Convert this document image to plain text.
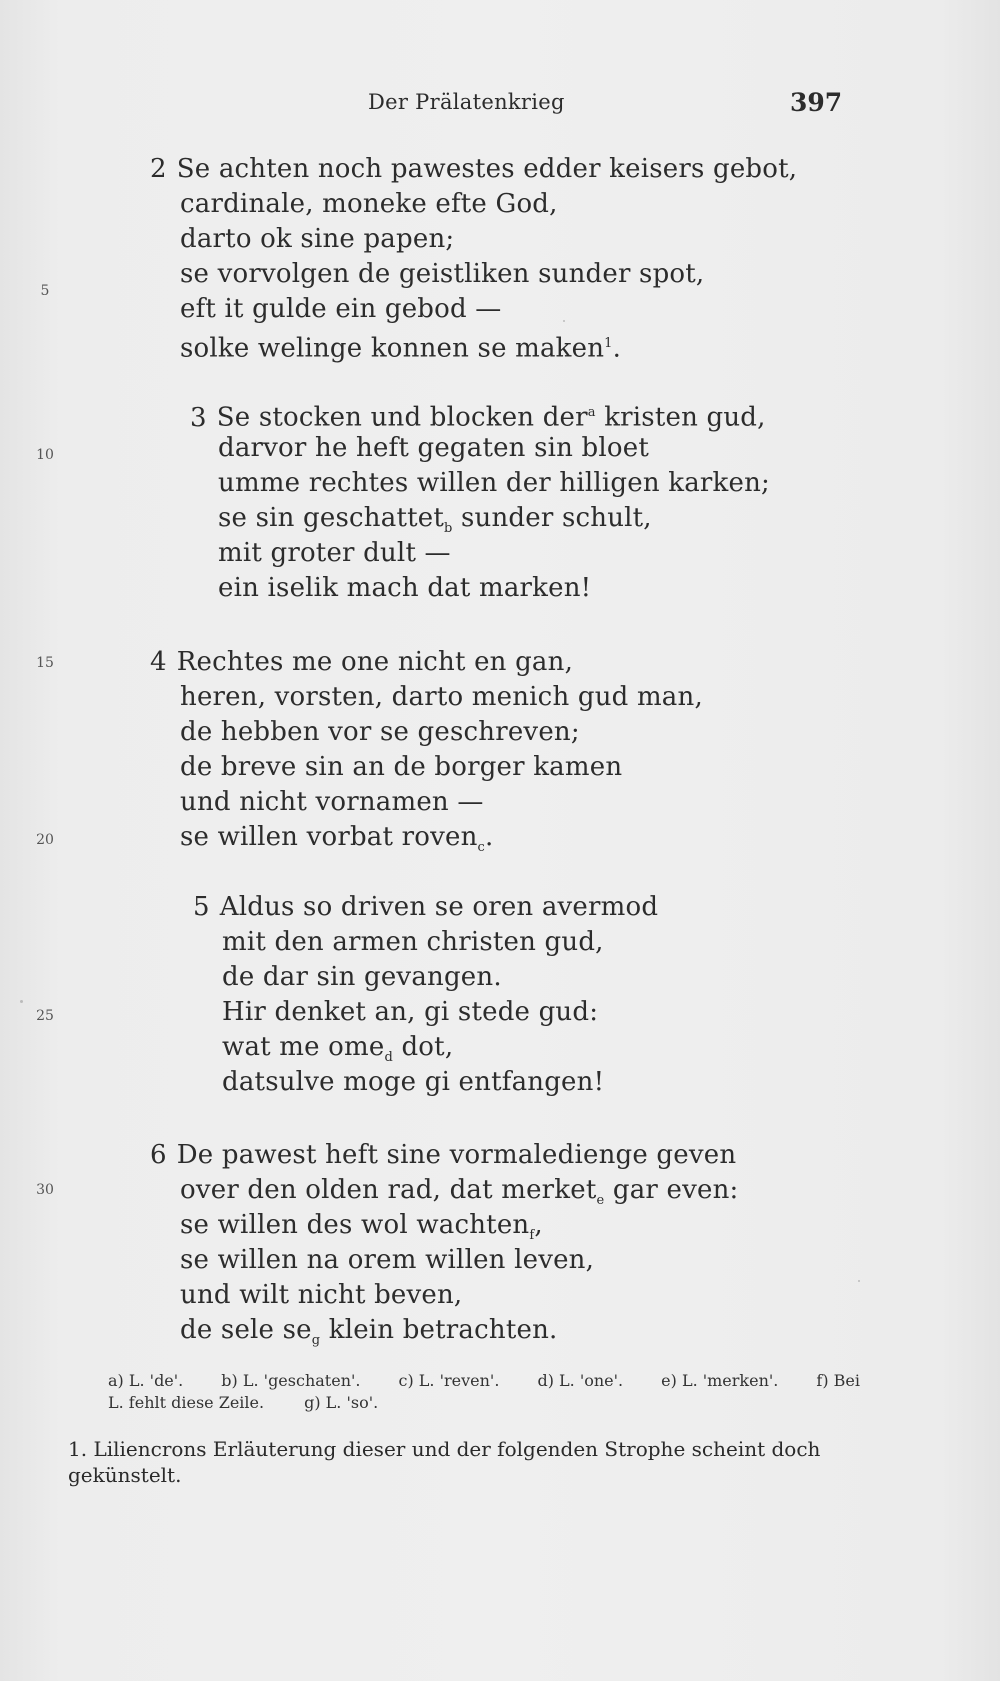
Der Prälatenkrieg	397
5
10
15
20
25
30
2 Se achten noch pawestes edder keisers gebot,
cardinale, moneke efte God,
darto ok sine papen;
se vorvolgen de geistliken sunder spot,
eft it gulde ein gebod —
solke welinge konnen se maken$^1$.
3 Se stocken und blocken der$^a$ kristen gud,
darvor he heft gegaten sin bloet
umme rechtes willen der hilligen karken;
se sin geschattet$_b$ sunder schult,
mit groter dult —
ein iselik mach dat marken!
4 Rechtes me one nicht en gan,
heren, vorsten, darto menich gud man,
de hebben vor se geschreven;
de breve sin an de borger kamen
und nicht vornamen —
se willen vorbat roven$_c$.
5 Aldus so driven se oren avermod
mit den armen christen gud,
de dar sin gevangen.
Hir denket an, gi stede gud:
wat me ome$_d$ dot,
datsulve moge gi entfangen!
6 De pawest heft sine vormaledienge geven
over den olden rad, dat merket$_e$ gar even:
se willen des wol wachten$_f$,
se willen na orem willen leven,
und wilt nicht beven,
de sele $se_g$ klein betrachten.
a) L. 'de'. b) L. 'geschaten'. c) L. 'reven'. d) L. 'one'. e) L. 'merken'. f) Bei
L. fehlt diese Zeile.	g) L. 'so'.
1. Liliencrons Erläuterung dieser und der folgenden Strophe scheint doch gekünstelt.
